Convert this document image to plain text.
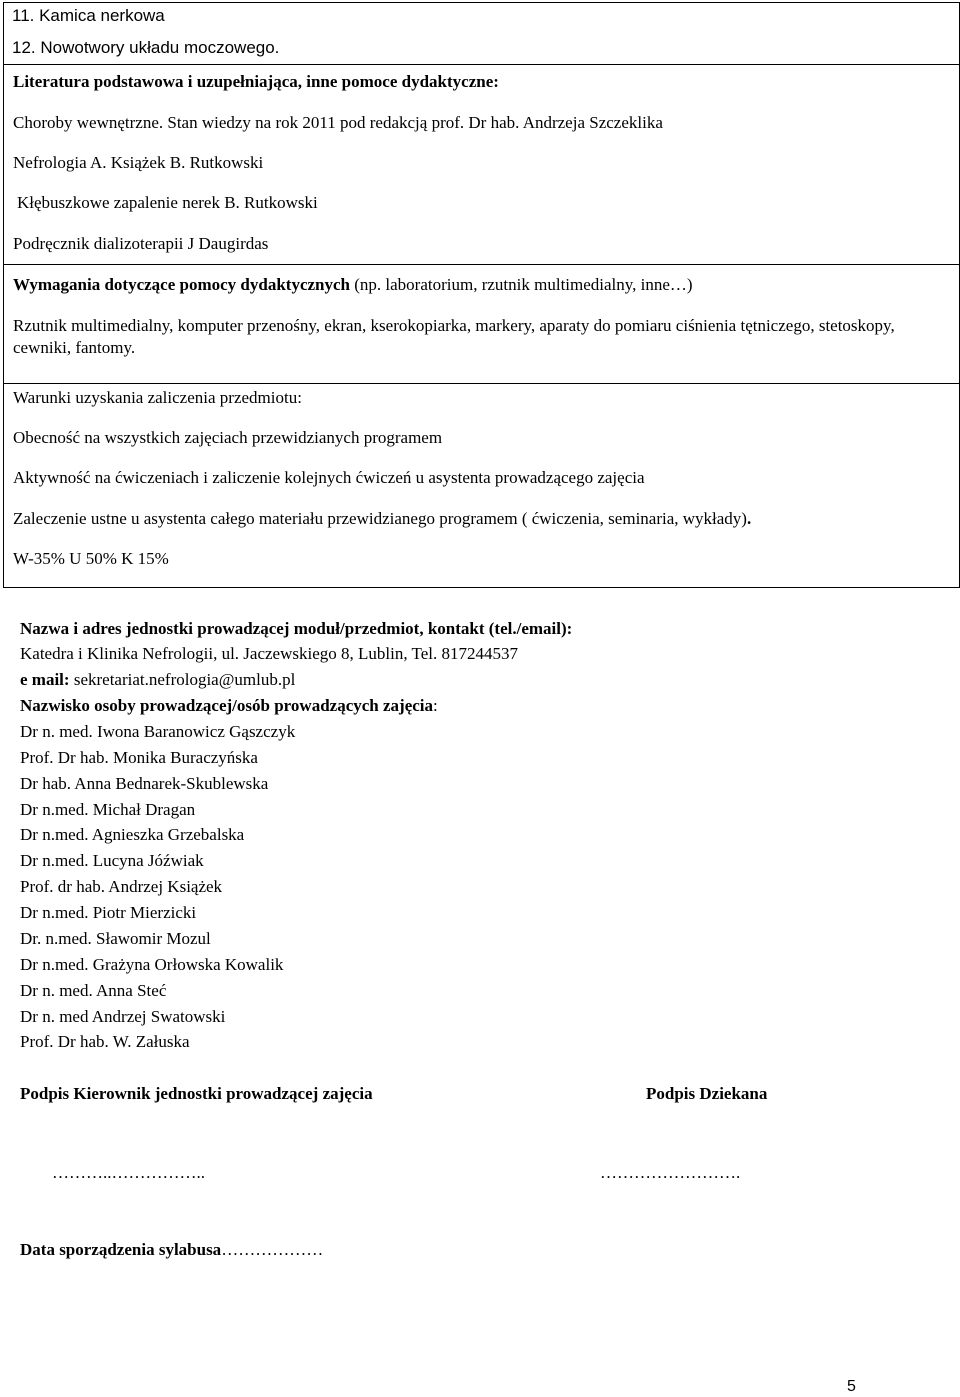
11. Kamica nerkowa
12. Nowotwory układu moczowego.
Literatura podstawowa i uzupełniająca, inne pomoce dydaktyczne:
Choroby wewnętrzne. Stan wiedzy na rok 2011 pod redakcją prof. Dr hab. Andrzeja Szczeklika
Nefrologia A. Książek B. Rutkowski
Kłębuszkowe zapalenie nerek B. Rutkowski
Podręcznik dializoterapii J Daugirdas
Wymagania dotyczące pomocy dydaktycznych (np. laboratorium, rzutnik multimedialny, inne…)
Rzutnik multimedialny, komputer przenośny, ekran, kserokopiarka, markery, aparaty do pomiaru ciśnienia tętniczego, stetoskopy, cewniki, fantomy.
Warunki uzyskania zaliczenia przedmiotu:
Obecność na wszystkich zajęciach przewidzianych programem
Aktywność na ćwiczeniach i zaliczenie kolejnych ćwiczeń u asystenta prowadzącego zajęcia
Zaleczenie ustne u asystenta całego materiału przewidzianego programem ( ćwiczenia, seminaria, wykłady).
W-35% U 50% K 15%
Nazwa i adres jednostki prowadzącej moduł/przedmiot, kontakt (tel./email):
Katedra i Klinika Nefrologii, ul. Jaczewskiego 8, Lublin, Tel. 817244537
e mail: sekretariat.nefrologia@umlub.pl
Nazwisko osoby prowadzącej/osób prowadzących zajęcia:
Dr n. med. Iwona Baranowicz Gąszczyk
Prof. Dr hab. Monika Buraczyńska
Dr hab. Anna Bednarek-Skublewska
Dr n.med. Michał Dragan
Dr n.med. Agnieszka Grzebalska
Dr n.med. Lucyna Jóźwiak
Prof. dr hab. Andrzej Książek
Dr n.med. Piotr Mierzicki
Dr. n.med. Sławomir Mozul
Dr n.med. Grażyna Orłowska Kowalik
Dr n. med. Anna Steć
Dr n. med Andrzej Swatowski
Prof. Dr hab. W. Załuska
Podpis Kierownik jednostki prowadzącej zajęcia	Podpis Dziekana
………..……………..	…………………….
Data sporządzenia sylabusa………………
5
